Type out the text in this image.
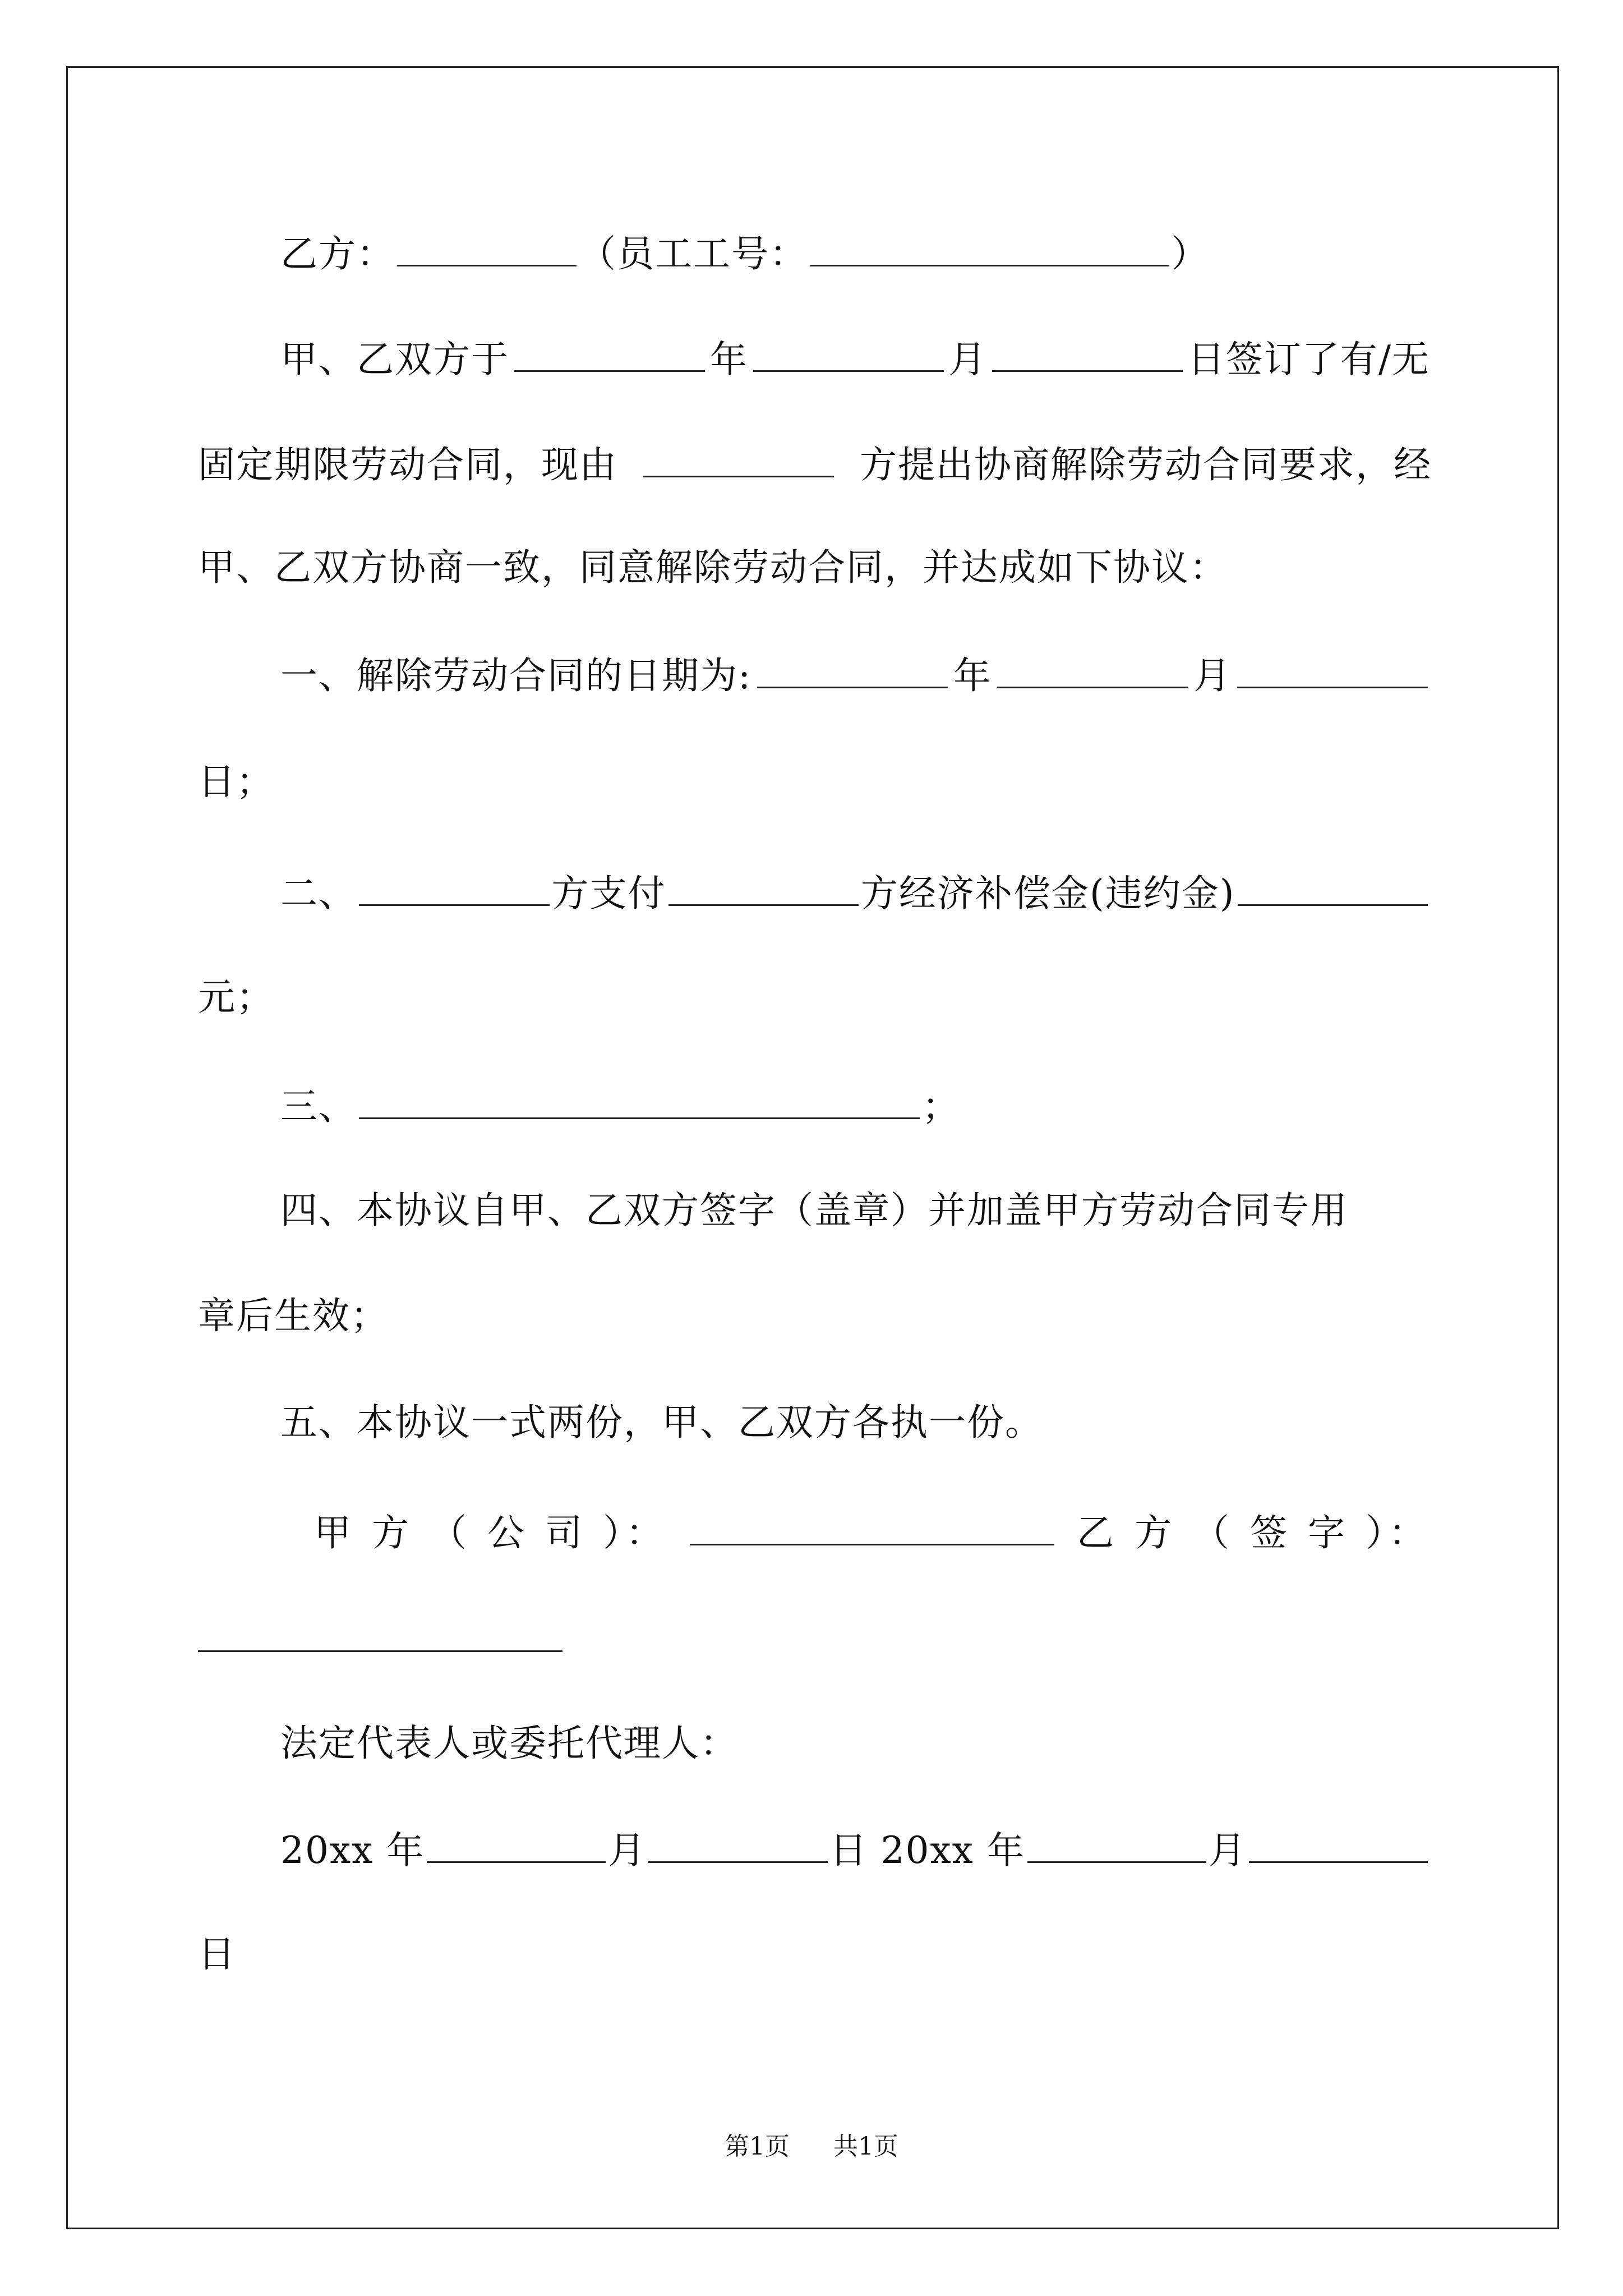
乙方：	（员工工号：	）
甲、乙双方于	年	月	日签订了有/无
固定期限劳动合同，现由	方提出协商解除劳动合同要求，经
甲、乙双方协商一致，同意解除劳动合同，并达成如下协议：
一、解除劳动合同的日期为:	年	月
日；
二、	方支付	方经济补偿金(违约金)
元；
三、	；
四、本协议自甲、乙双方签字（盖章）并加盖甲方劳动合同专用
章后生效；
五、本协议一式两份，甲、乙双方各执一份。
甲 方 （ 公 司 ）：	乙 方 （ 签 字 ）：
法定代表人或委托代理人：
20xx 年	月	日 20xx 年	月
日
第1页 共1页
